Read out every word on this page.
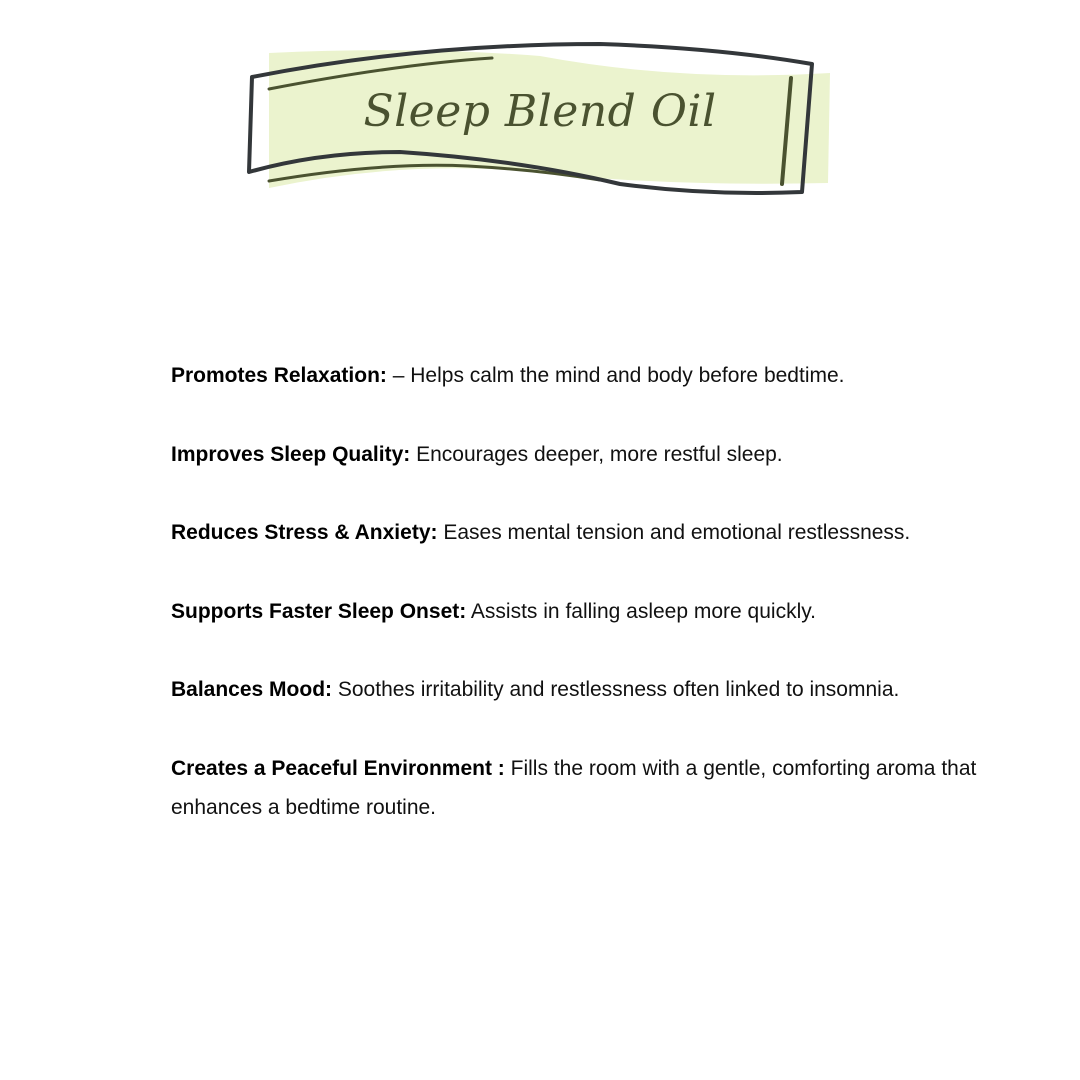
Sleep Blend Oil
Promotes Relaxation: – Helps calm the mind and body before bedtime.
Improves Sleep Quality: Encourages deeper, more restful sleep.
Reduces Stress & Anxiety: Eases mental tension and emotional restlessness.
Supports Faster Sleep Onset: Assists in falling asleep more quickly.
Balances Mood: Soothes irritability and restlessness often linked to insomnia.
Creates a Peaceful Environment : Fills the room with a gentle, comforting aroma that enhances a bedtime routine.
